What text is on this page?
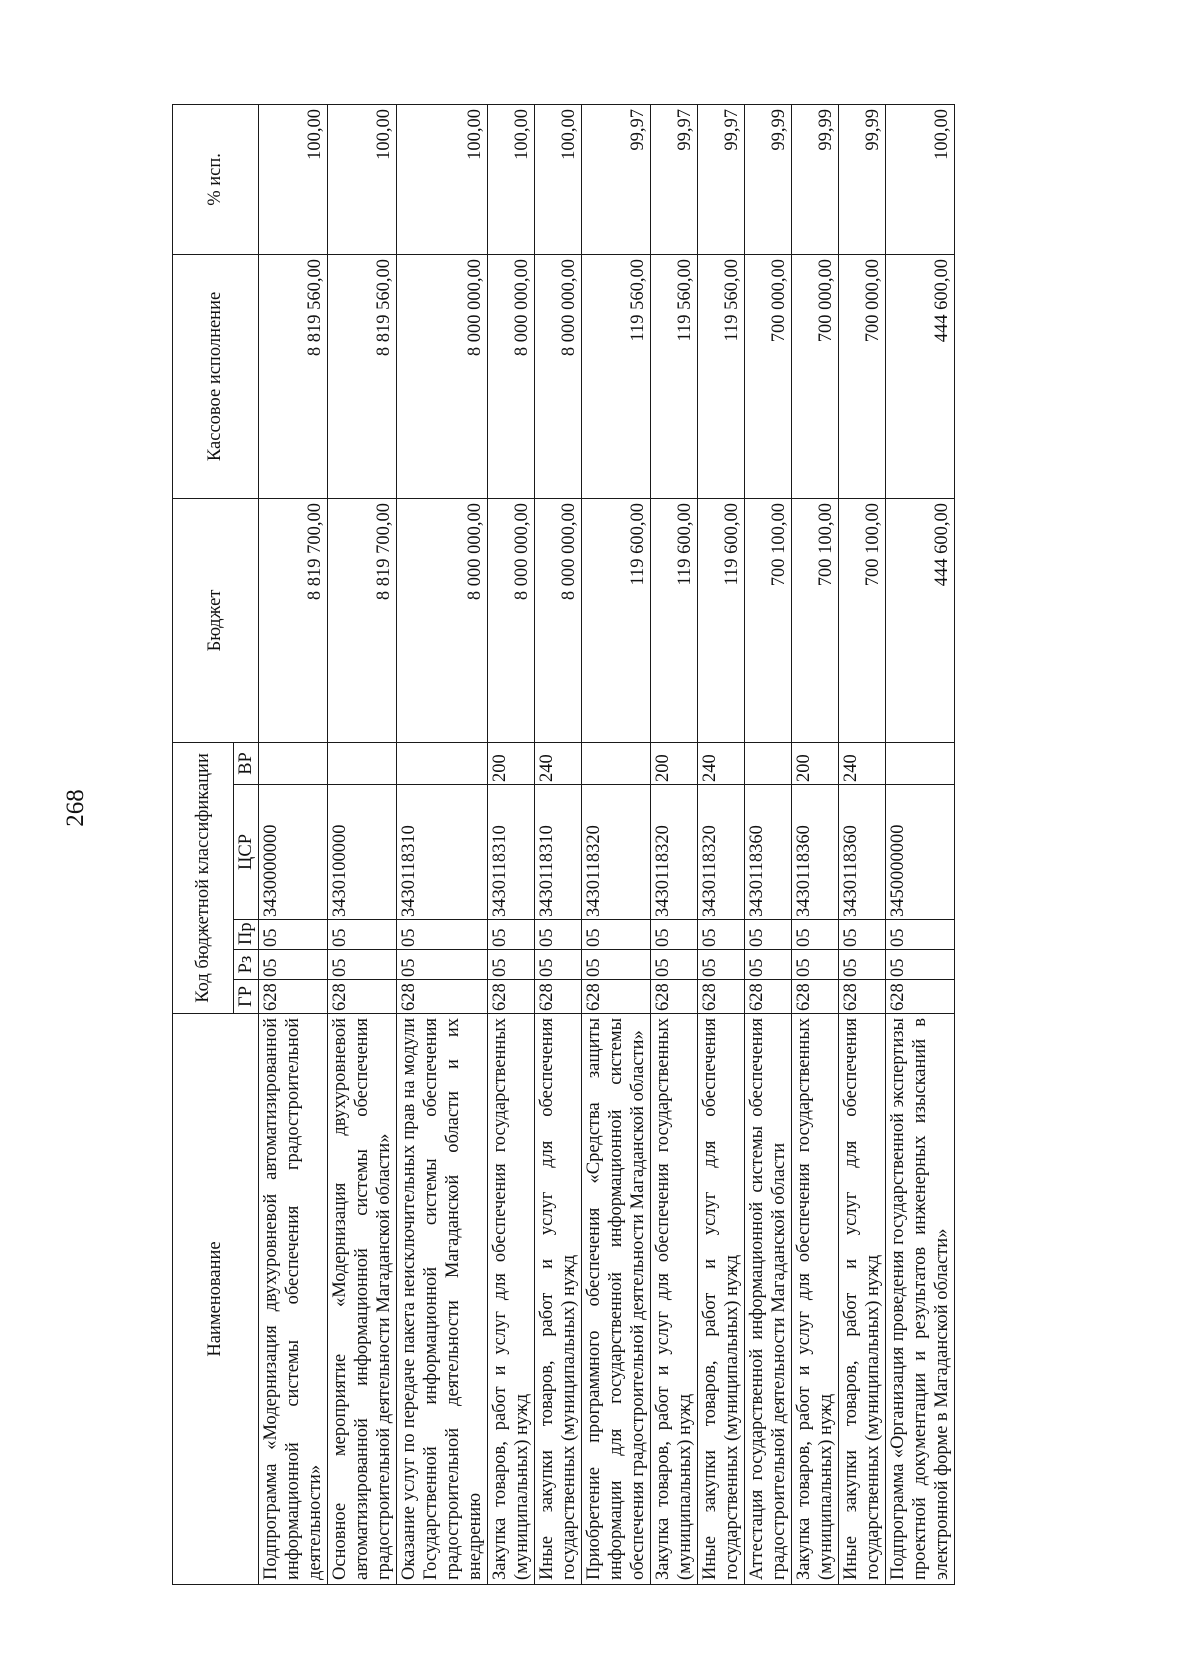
268
Наименование	Код бюджетной классификации					Бюджет	Кассовое исполнение	% исп.
	ГР	Рз	Пр	ЦСР	ВР			
Подпрограмма «Модернизация двухуровневой автоматизированной информационной системы обеспечения градостроительной деятельности»	628	05	05	3430000000		8 819 700,00	8 819 560,00	100,00
Основное мероприятие «Модернизация двухуровневой автоматизированной информационной системы обеспечения градостроительной деятельности Магаданской области»	628	05	05	3430100000		8 819 700,00	8 819 560,00	100,00
Оказание услуг по передаче пакета неисключительных прав на модули Государственной информационной системы обеспечения градостроительной деятельности Магаданской области и их внедрению	628	05	05	3430118310		8 000 000,00	8 000 000,00	100,00
Закупка товаров, работ и услуг для обеспечения государственных (муниципальных) нужд	628	05	05	3430118310	200	8 000 000,00	8 000 000,00	100,00
Иные закупки товаров, работ и услуг для обеспечения государственных (муниципальных) нужд	628	05	05	3430118310	240	8 000 000,00	8 000 000,00	100,00
Приобретение программного обеспечения «Средства защиты информации для государственной информационной системы обеспечения градостроительной деятельности Магаданской области»	628	05	05	3430118320		119 600,00	119 560,00	99,97
Закупка товаров, работ и услуг для обеспечения государственных (муниципальных) нужд	628	05	05	3430118320	200	119 600,00	119 560,00	99,97
Иные закупки товаров, работ и услуг для обеспечения государственных (муниципальных) нужд	628	05	05	3430118320	240	119 600,00	119 560,00	99,97
Аттестация государственной информационной системы обеспечения градостроительной деятельности Магаданской области	628	05	05	3430118360		700 100,00	700 000,00	99,99
Закупка товаров, работ и услуг для обеспечения государственных (муниципальных) нужд	628	05	05	3430118360	200	700 100,00	700 000,00	99,99
Иные закупки товаров, работ и услуг для обеспечения государственных (муниципальных) нужд	628	05	05	3430118360	240	700 100,00	700 000,00	99,99
Подпрограмма «Организация проведения государственной экспертизы проектной документации и результатов инженерных изысканий в электронной форме в Магаданской области»	628	05	05	3450000000		444 600,00	444 600,00	100,00
